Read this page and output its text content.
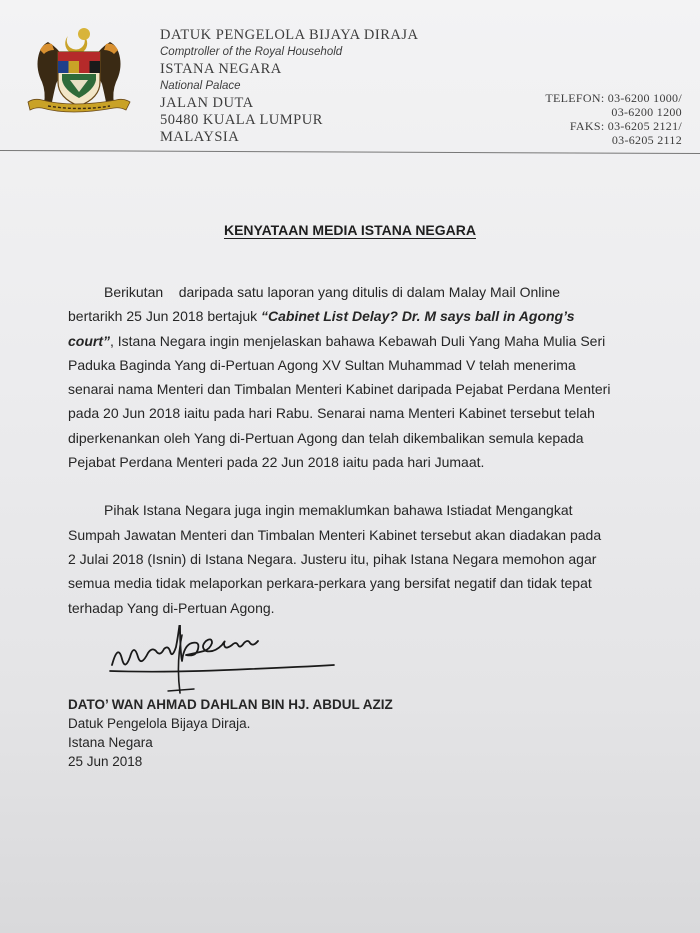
DATUK PENGELOLA BIJAYA DIRAJA
Comptroller of the Royal Household
ISTANA NEGARA
National Palace
JALAN DUTA
50480 KUALA LUMPUR
MALAYSIA
TELEFON: 03-6200 1000/
03-6200 1200
FAKS: 03-6205 2121/
03-6205 2112
KENYATAAN MEDIA ISTANA NEGARA

Berikutan daripada satu laporan yang ditulis di dalam Malay Mail Online
bertarikh 25 Jun 2018 bertajuk “Cabinet List Delay? Dr. M says ball in Agong’s
court”, Istana Negara ingin menjelaskan bahawa Kebawah Duli Yang Maha Mulia Seri
Paduka Baginda Yang di-Pertuan Agong XV Sultan Muhammad V telah menerima
senarai nama Menteri dan Timbalan Menteri Kabinet daripada Pejabat Perdana Menteri
pada 20 Jun 2018 iaitu pada hari Rabu. Senarai nama Menteri Kabinet tersebut telah
diperkenankan oleh Yang di-Pertuan Agong dan telah dikembalikan semula kepada
Pejabat Perdana Menteri pada 22 Jun 2018 iaitu pada hari Jumaat.

Pihak Istana Negara juga ingin memaklumkan bahawa Istiadat Mengangkat
Sumpah Jawatan Menteri dan Timbalan Menteri Kabinet tersebut akan diadakan pada
2 Julai 2018 (Isnin) di Istana Negara. Justeru itu, pihak Istana Negara memohon agar
semua media tidak melaporkan perkara-perkara yang bersifat negatif dan tidak tepat
terhadap Yang di-Pertuan Agong.

DATO’ WAN AHMAD DAHLAN BIN HJ. ABDUL AZIZ
Datuk Pengelola Bijaya Diraja.
Istana Negara
25 Jun 2018
